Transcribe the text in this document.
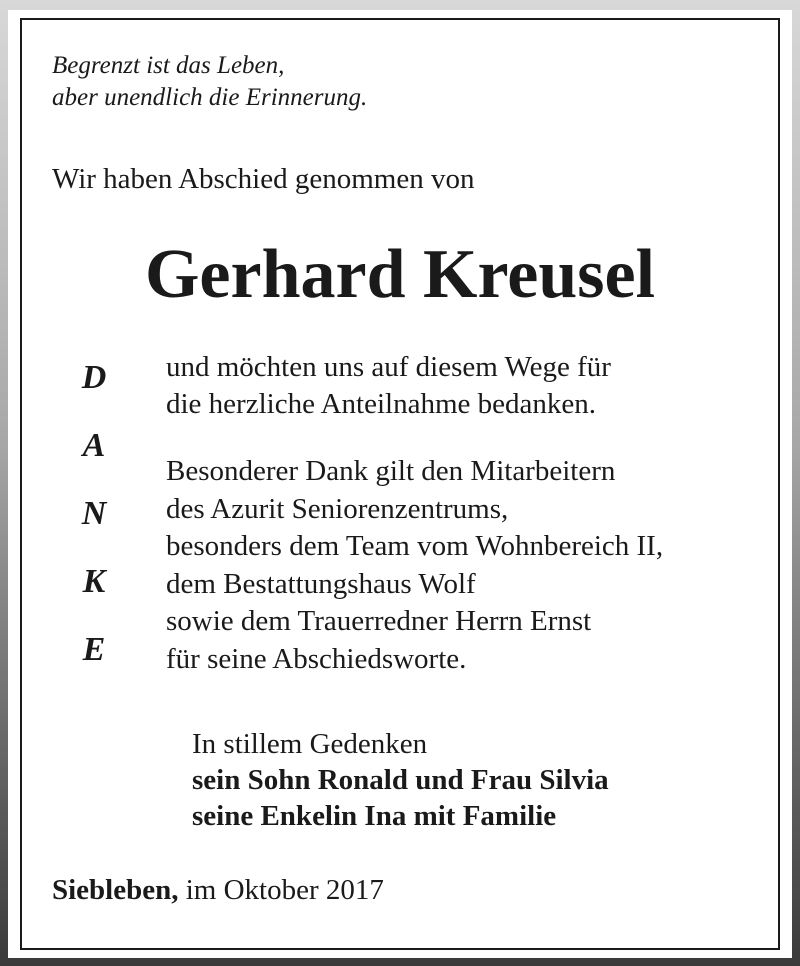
Begrenzt ist das Leben,
aber unendlich die Erinnerung.
Wir haben Abschied genommen von
Gerhard Kreusel
D
A
N
K
E
und möchten uns auf diesem Wege für
die herzliche Anteilnahme bedanken.
Besonderer Dank gilt den Mitarbeitern
des Azurit Seniorenzentrums,
besonders dem Team vom Wohnbereich II,
dem Bestattungshaus Wolf
sowie dem Trauerredner Herrn Ernst
für seine Abschiedsworte.
In stillem Gedenken
sein Sohn Ronald und Frau Silvia
seine Enkelin Ina mit Familie
Siebleben, im Oktober 2017
